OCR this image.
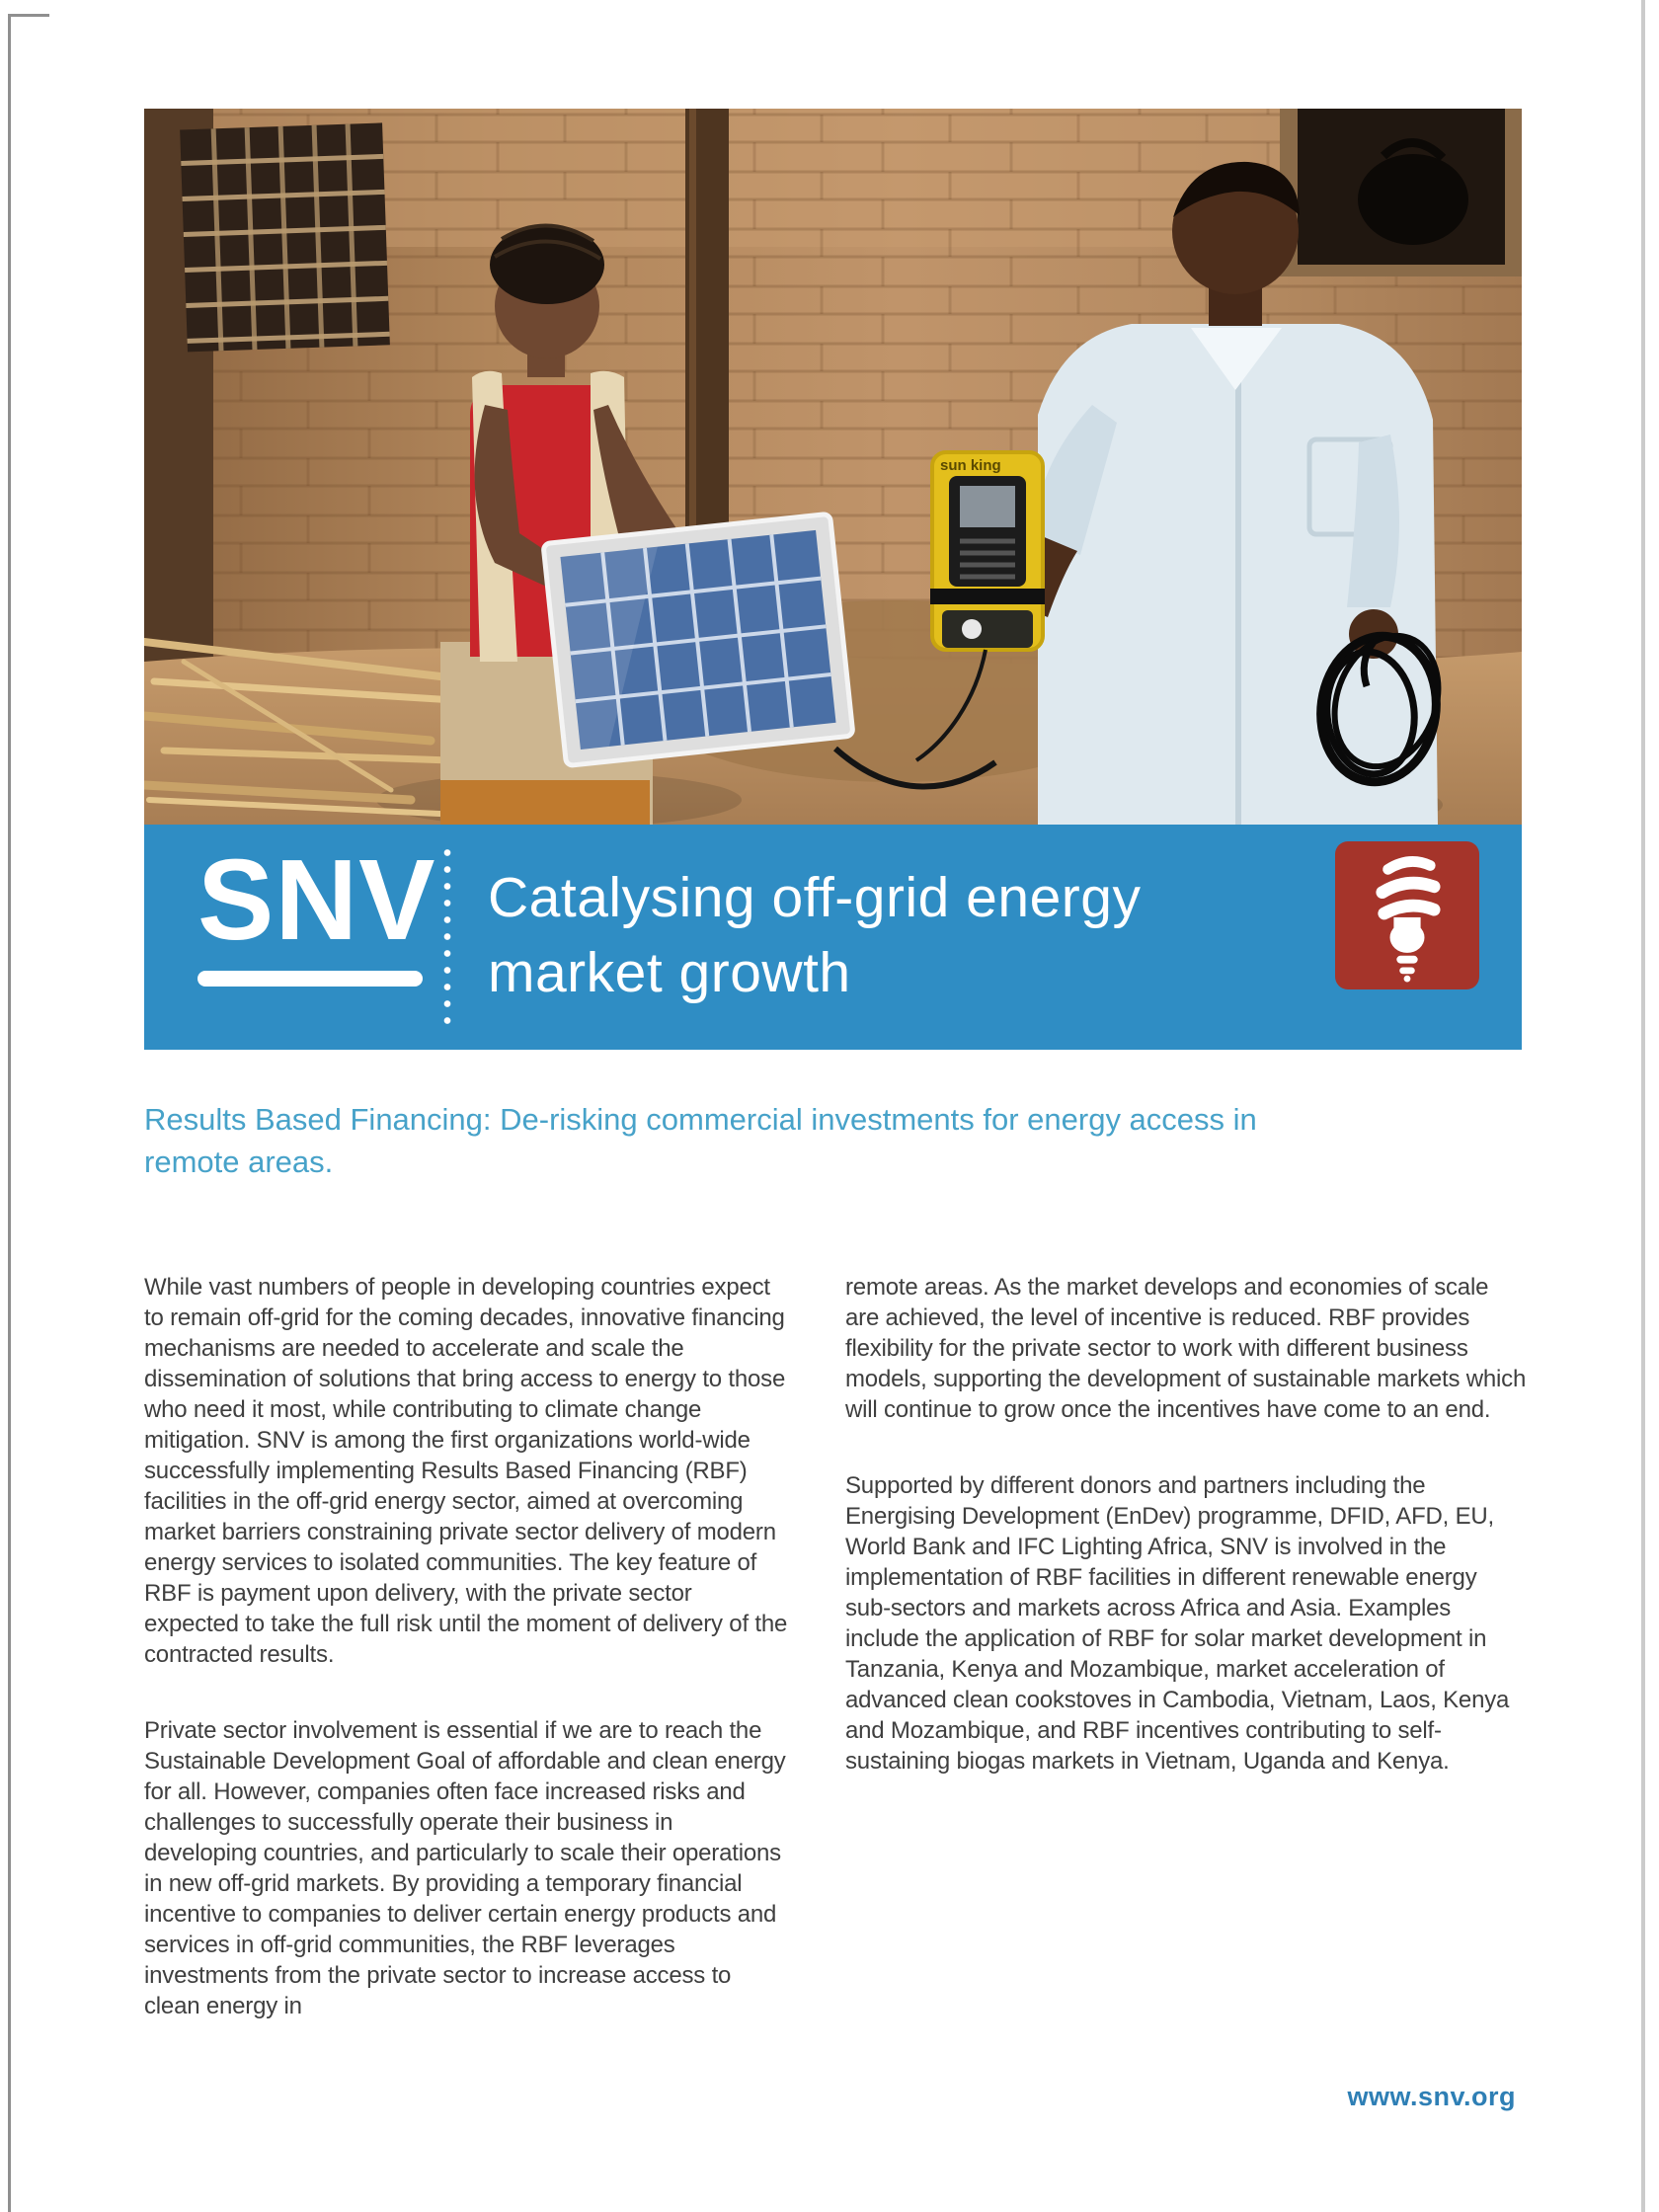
sun king
SNV Catalysing off-grid energy
market growth
Results Based Financing: De-risking commercial investments for energy access in
remote areas.

While vast numbers of people in developing countries expect to remain off-grid for the coming decades, innovative financing mechanisms are needed to accelerate and scale the dissemination of solutions that bring access to energy to those who need it most, while contributing to climate change mitigation. SNV is among the first organizations world-wide successfully implementing Results Based Financing (RBF) facilities in the off-grid energy sector, aimed at overcoming market barriers constraining private sector delivery of modern energy services to isolated communities. The key feature of RBF is payment upon delivery, with the private sector expected to take the full risk until the moment of delivery of the contracted results.

Private sector involvement is essential if we are to reach the Sustainable Development Goal of affordable and clean energy for all. However, companies often face increased risks and challenges to successfully operate their business in developing countries, and particularly to scale their operations in new off-grid markets. By providing a temporary financial incentive to companies to deliver certain energy products and services in off-grid communities, the RBF leverages investments from the private sector to increase access to clean energy in

remote areas. As the market develops and economies of scale are achieved, the level of incentive is reduced. RBF provides flexibility for the private sector to work with different business models, supporting the development of sustainable markets which will continue to grow once the incentives have come to an end.

Supported by different donors and partners including the Energising Development (EnDev) programme, DFID, AFD, EU, World Bank and IFC Lighting Africa, SNV is involved in the implementation of RBF facilities in different renewable energy sub-sectors and markets across Africa and Asia. Examples include the application of RBF for solar market development in Tanzania, Kenya and Mozambique, market acceleration of advanced clean cookstoves in Cambodia, Vietnam, Laos, Kenya and Mozambique, and RBF incentives contributing to self-sustaining biogas markets in Vietnam, Uganda and Kenya.

www.snv.org
